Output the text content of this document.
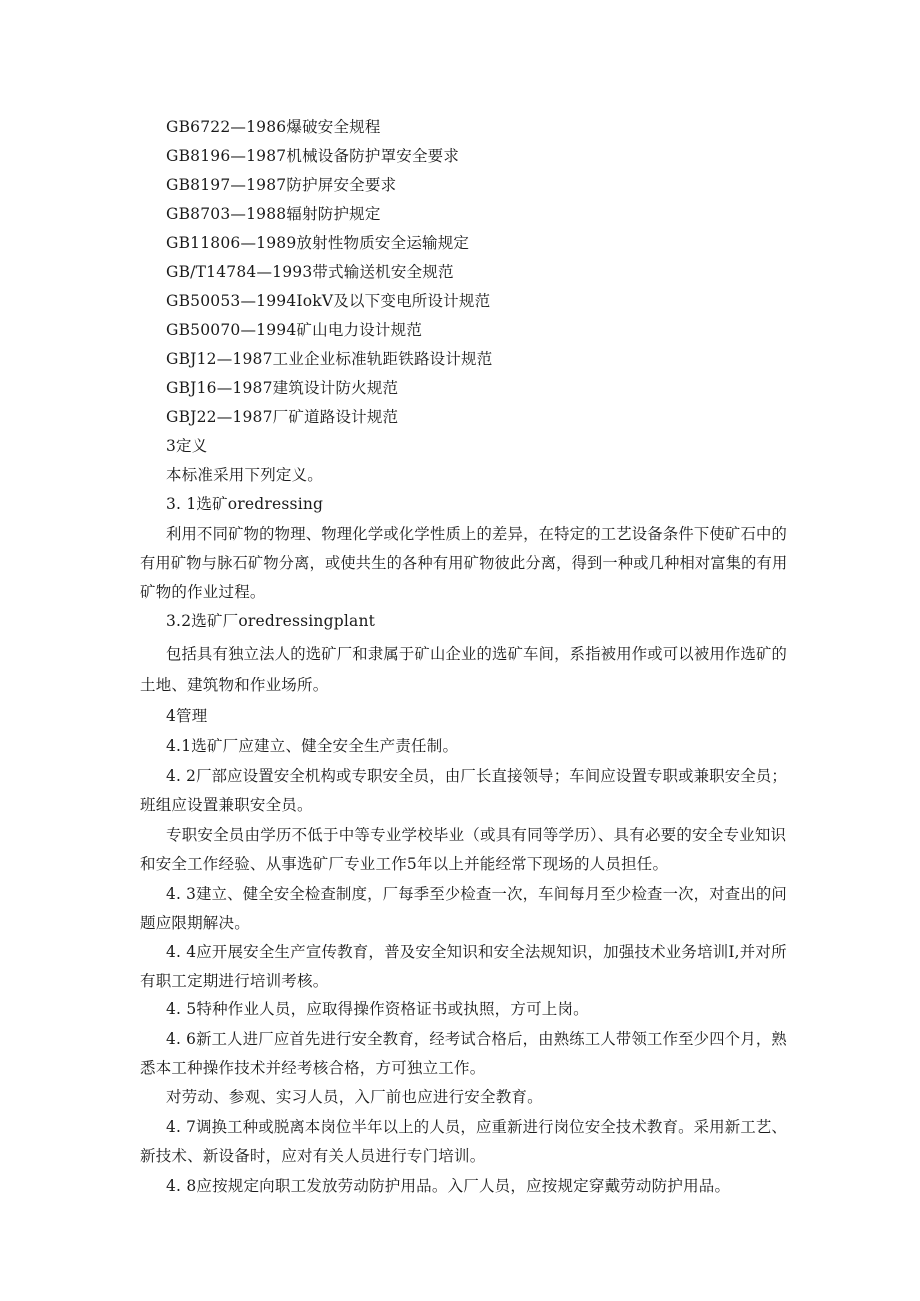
GB6722—1986爆破安全规程
GB8196—1987机械设备防护罩安全要求
GB8197—1987防护屏安全要求
GB8703—1988辐射防护规定
GB11806—1989放射性物质安全运输规定
GB/T14784—1993带式输送机安全规范
GB50053—1994IokV及以下变电所设计规范
GB50070—1994矿山电力设计规范
GBJ12—1987工业企业标准轨距铁路设计规范
GBJ16—1987建筑设计防火规范
GBJ22—1987厂矿道路设计规范
3定义
本标准采用下列定义。
3. 1选矿oredressing
利用不同矿物的物理、物理化学或化学性质上的差异，在特定的工艺设备条件下使矿石中的
有用矿物与脉石矿物分离，或使共生的各种有用矿物彼此分离，得到一种或几种相对富集的有用
矿物的作业过程。
3.2选矿厂oredressingplant
包括具有独立法人的选矿厂和隶属于矿山企业的选矿车间，系指被用作或可以被用作选矿的
土地、建筑物和作业场所。
4管理
4.1选矿厂应建立、健全安全生产责任制。
4. 2厂部应设置安全机构或专职安全员，由厂长直接领导；车间应设置专职或兼职安全员；
班组应设置兼职安全员。
专职安全员由学历不低于中等专业学校毕业（或具有同等学历）、具有必要的安全专业知识
和安全工作经验、从事选矿厂专业工作5年以上并能经常下现场的人员担任。
4. 3建立、健全安全检查制度，厂每季至少检查一次，车间每月至少检查一次，对查出的问
题应限期解决。
4. 4应开展安全生产宣传教育，普及安全知识和安全法规知识，加强技术业务培训I,并对所
有职工定期进行培训考核。
4. 5特种作业人员，应取得操作资格证书或执照，方可上岗。
4. 6新工人进厂应首先进行安全教育，经考试合格后，由熟练工人带领工作至少四个月，熟
悉本工种操作技术并经考核合格，方可独立工作。
对劳动、参观、实习人员，入厂前也应进行安全教育。
4. 7调换工种或脱离本岗位半年以上的人员，应重新进行岗位安全技术教育。采用新工艺、
新技术、新设备时，应对有关人员进行专门培训。
4. 8应按规定向职工发放劳动防护用品。入厂人员，应按规定穿戴劳动防护用品。
